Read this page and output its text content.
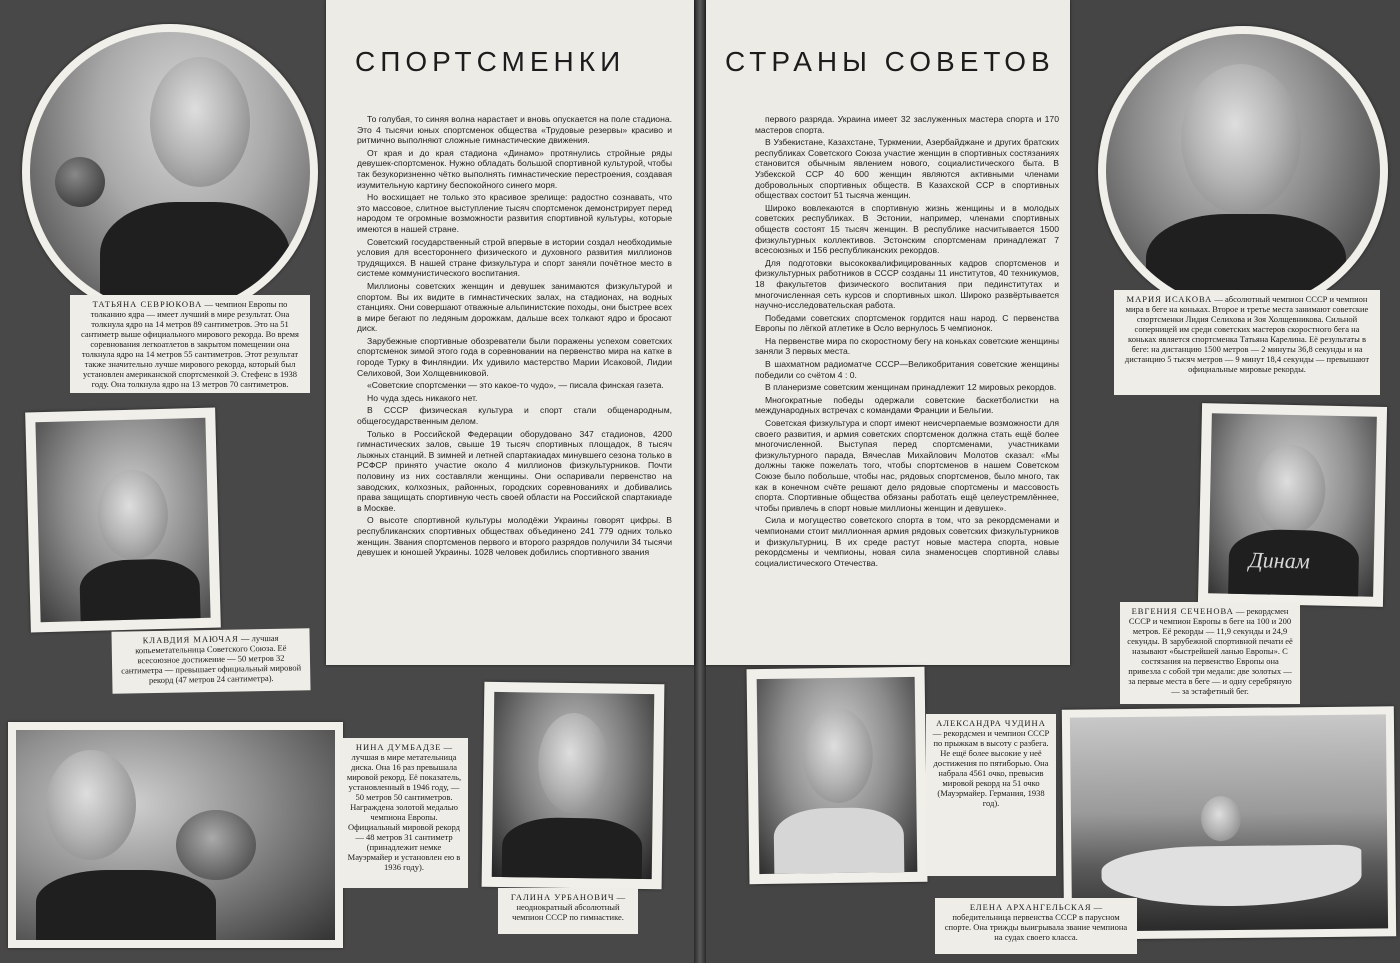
СПОРТСМЕНКИ	СТРАНЫ СОВЕТОВ

То голубая, то синяя волна нарастает и вновь опускается на поле стадиона. Это 4 тысячи юных спортсменок общества «Трудовые резервы» красиво и ритмично выполняют сложные гимнастические движения.

От края и до края стадиона «Динамо» протянулись стройные ряды девушек-спортсменок. Нужно обладать большой спортивной культурой, чтобы так безукоризненно чётко выполнять гимнастические перестроения, создавая изумительную картину беспокойного синего моря.

Но восхищает не только это красивое зрелище: радостно сознавать, что это массовое, слитное выступление тысяч спортсменок демонстрирует перед народом те огромные возможности развития спортивной культуры, которые имеются в нашей стране.

Советский государственный строй впервые в истории создал необходимые условия для всестороннего физического и духовного развития миллионов трудящихся. В нашей стране физкультура и спорт заняли почётное место в системе коммунистического воспитания.

Миллионы советских женщин и девушек занимаются физкультурой и спортом. Вы их видите в гимнастических залах, на стадионах, на водных станциях. Они совершают отважные альпинистские походы, они быстрее всех в мире бегают по ледяным дорожкам, дальше всех толкают ядро и бросают диск.

Зарубежные спортивные обозреватели были поражены успехом советских спортсменок зимой этого года в соревновании на первенство мира на катке в городе Турку в Финляндии. Их удивило мастерство Марии Исаковой, Лидии Селиховой, Зои Холщевниковой.

«Советские спортсменки — это какое-то чудо», — писала финская газета.

Но чуда здесь никакого нет.

В СССР физическая культура и спорт стали общенародным, общегосударственным делом.

Только в Российской Федерации оборудовано 347 стадионов, 4200 гимнастических залов, свыше 19 тысяч спортивных площадок, 8 тысяч лыжных станций. В зимней и летней спартакиадах минувшего сезона только в РСФСР принято участие около 4 миллионов физкультурников. Почти половину из них составляли женщины. Они оспаривали первенство на заводских, колхозных, районных, городских соревнованиях и добивались права защищать спортивную честь своей области на Российской спартакиаде в Москве.

О высоте спортивной культуры молодёжи Украины говорят цифры. В республиканских спортивных обществах объединено 241 779 одних только женщин. Звания спортсменов первого и второго разрядов получили 34 тысячи девушек и юношей Украины. 1028 человек добились спортивного звания

первого разряда. Украина имеет 32 заслуженных мастера спорта и 170 мастеров спорта.

В Узбекистане, Казахстане, Туркмении, Азербайджане и других братских республиках Советского Союза участие женщин в спортивных состязаниях становится обычным явлением нового, социалистического быта. В Узбекской ССР 40 600 женщин являются активными членами добровольных спортивных обществ. В Казахской ССР в спортивных обществах состоит 51 тысяча женщин.

Широко вовлекаются в спортивную жизнь женщины и в молодых советских республиках. В Эстонии, например, членами спортивных обществ состоят 15 тысяч женщин. В республике насчитывается 1500 физкультурных коллективов. Эстонским спортсменам принадлежат 7 всесоюзных и 156 республиканских рекордов.

Для подготовки высококвалифицированных кадров спортсменов и физкультурных работников в СССР созданы 11 институтов, 40 техникумов, 18 факультетов физического воспитания при пединститутах и многочисленная сеть курсов и спортивных школ. Широко развёртывается научно-исследовательская работа.

Победами советских спортсменок гордится наш народ. С первенства Европы по лёгкой атлетике в Осло вернулось 5 чемпионок.

На первенстве мира по скоростному бегу на коньках советские женщины заняли 3 первых места.

В шахматном радиоматче СССР—Великобритания советские женщины победили со счётом 4 : 0.

В планеризме советским женщинам принадлежит 12 мировых рекордов.

Многократные победы одержали советские баскетболистки на международных встречах с командами Франции и Бельгии.

Советская физкультура и спорт имеют неисчерпаемые возможности для своего развития, и армия советских спортсменок должна стать ещё более многочисленной. Выступая перед спортсменами, участниками физкультурного парада, Вячеслав Михайлович Молотов сказал: «Мы должны также пожелать того, чтобы спортсменов в нашем Советском Союзе было побольше, чтобы нас, рядовых спортсменов, было много, так как в конечном счёте решают дело рядовые спортсмены и массовость спорта. Спортивные общества обязаны работать ещё целеустремлённее, чтобы привлечь в спорт новые миллионы женщин и девушек».

Сила и могущество советского спорта в том, что за рекордсменами и чемпионами стоит миллионная армия рядовых советских физкультурников и физкультурниц. В их среде растут новые мастера спорта, новые рекордсмены и чемпионы, новая сила знаменосцев спортивной славы социалистического Отечества.

ТАТЬЯНА СЕВРЮКОВА — чемпион Европы по толканию ядра — имеет лучший в мире результат. Она толкнула ядро на 14 метров 89 сантиметров. Это на 51 сантиметр выше официального мирового рекорда. Во время соревнования легкоатлетов в закрытом помещении она толкнула ядро на 14 метров 55 сантиметров. Этот результат также значительно лучше мирового рекорда, который был установлен американской спортсменкой Э. Стефенс в 1938 году. Она толкнула ядро на 13 метров 70 сантиметров.
КЛАВДИЯ МАЮЧАЯ — лучшая копьеметательница Советского Союза. Её всесоюзное достижение — 50 метров 32 сантиметра — превышает официальный мировой рекорд (47 метров 24 сантиметра).
НИНА ДУМБАДЗЕ — лучшая в мире метательница диска. Она 16 раз превышала мировой рекорд. Её показатель, установленный в 1946 году, — 50 метров 50 сантиметров. Награждена золотой медалью чемпиона Европы. Официальный мировой рекорд — 48 метров 31 сантиметр (принадлежит немке Мауэрмайер и установлен ею в 1936 году).
ГАЛИНА УРБАНОВИЧ — неоднократный абсолютный чемпион СССР по гимнастике.
МАРИЯ ИСАКОВА — абсолютный чемпион СССР и чемпион мира в беге на коньках. Второе и третье места занимают советские спортсменки Лидия Селихова и Зоя Холщевникова. Сильной соперницей им среди советских мастеров скоростного бега на коньках является спортсменка Татьяна Карелина. Её результаты в беге: на дистанцию 1500 метров — 2 минуты 36,8 секунды и на дистанцию 5 тысяч метров — 9 минут 18,4 секунды — превышают официальные мировые рекорды.
Динам
ЕВГЕНИЯ СЕЧЕНОВА — рекордсмен СССР и чемпион Европы в беге на 100 и 200 метров. Её рекорды — 11,9 секунды и 24,9 секунды. В зарубежной спортивной печати её называют «быстрейшей ланью Европы». С состязания на первенство Европы она привезла с собой три медали: две золотых — за первые места в беге — и одну серебряную — за эстафетный бег.
АЛЕКСАНДРА ЧУДИНА — рекордсмен и чемпион СССР по прыжкам в высоту с разбега. Не ещё более высокие у неё достижения по пятиборью. Она набрала 4561 очко, превысив мировой рекорд на 51 очко (Мауэрмайер. Германия, 1938 год).
ЕЛЕНА АРХАНГЕЛЬСКАЯ — победительница первенства СССР в парусном спорте. Она трижды выигрывала звание чемпиона на судах своего класса.
